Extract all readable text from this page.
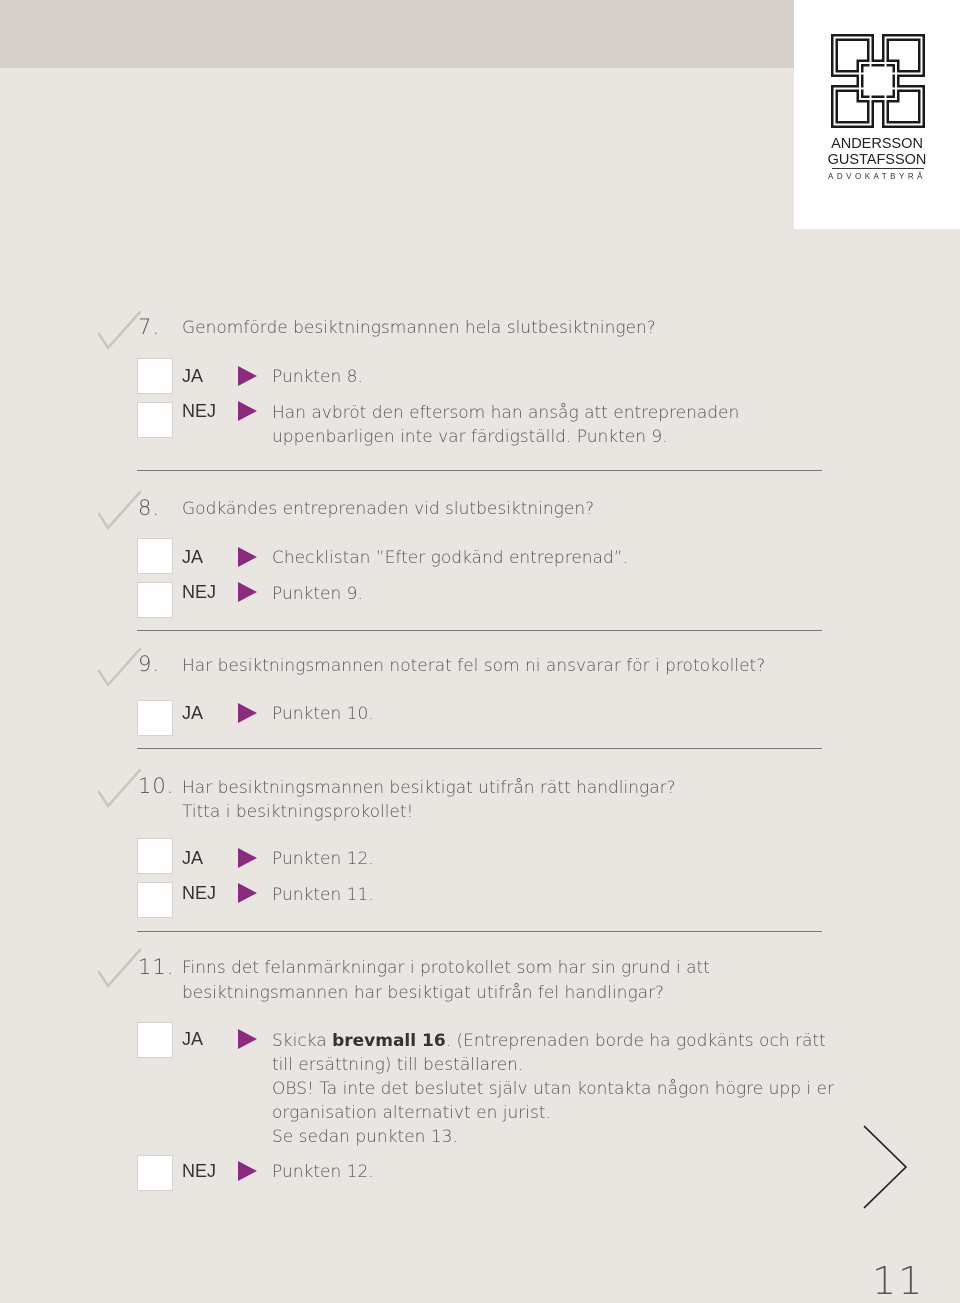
ANDERSSON
GUSTAFSSON
ADVOKATBYRÅ
7. Genomförde besiktningsmannen hela slutbesiktningen?
JA	Punkten 8.
NEJ	Han avbröt den eftersom han ansåg att entreprenaden
uppenbarligen inte var färdigställd. Punkten 9.
8. Godkändes entreprenaden vid slutbesiktningen?
JA	Checklistan ”Efter godkänd entreprenad”.
NEJ	Punkten 9.
9. Har besiktningsmannen noterat fel som ni ansvarar för i protokollet?
JA	Punkten 10.
10. Har besiktningsmannen besiktigat utifrån rätt handlingar?
Titta i besiktningsprokollet!
JA	Punkten 12.
NEJ	Punkten 11.
11. Finns det felanmärkningar i protokollet som har sin grund i att
besiktningsmannen har besiktigat utifrån fel handlingar?
JA	Skicka brevmall 16. (Entreprenaden borde ha godkänts och rätt
till ersättning) till beställaren.
OBS! Ta inte det beslutet själv utan kontakta någon högre upp i er
organisation alternativt en jurist.
Se sedan punkten 13.
NEJ	Punkten 12.
11
